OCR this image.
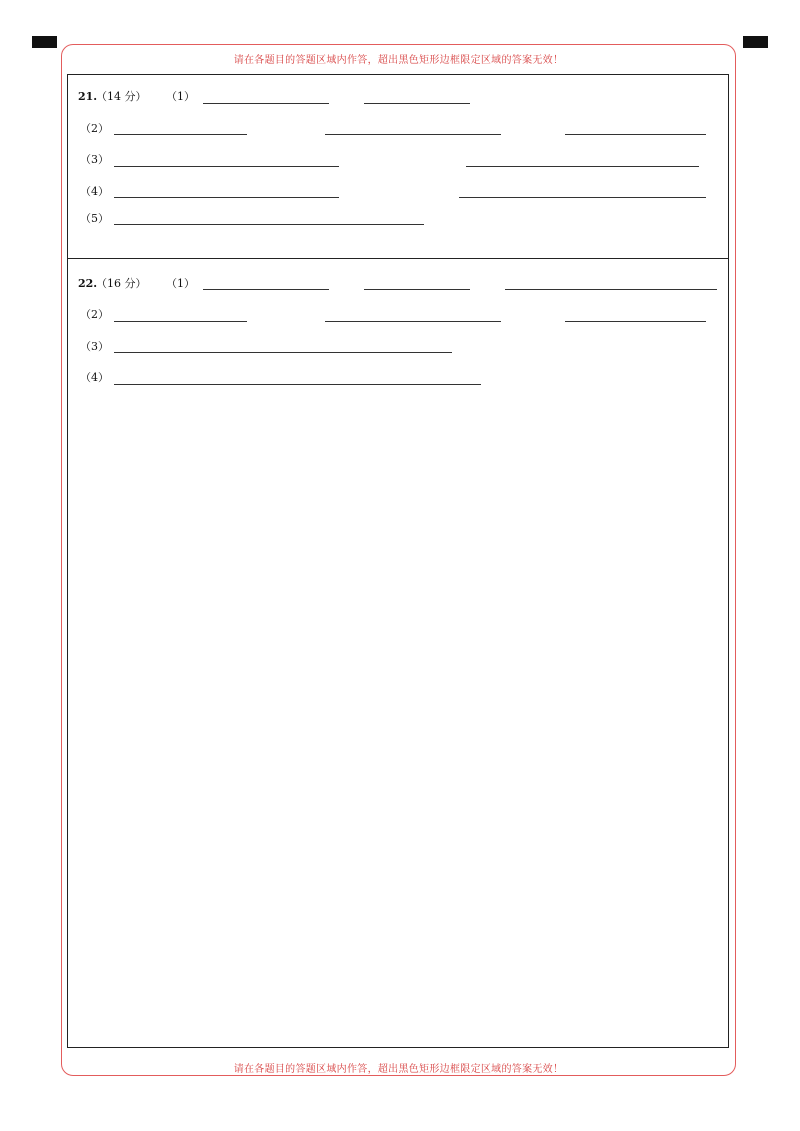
请在各题目的答题区域内作答，超出黑色矩形边框限定区域的答案无效！
请在各题目的答题区域内作答，超出黑色矩形边框限定区域的答案无效！
21.
（14 分） （1）
（2）
（3）
（4）
（5）
22.
（16 分） （1）
（2）
（3）
（4）
